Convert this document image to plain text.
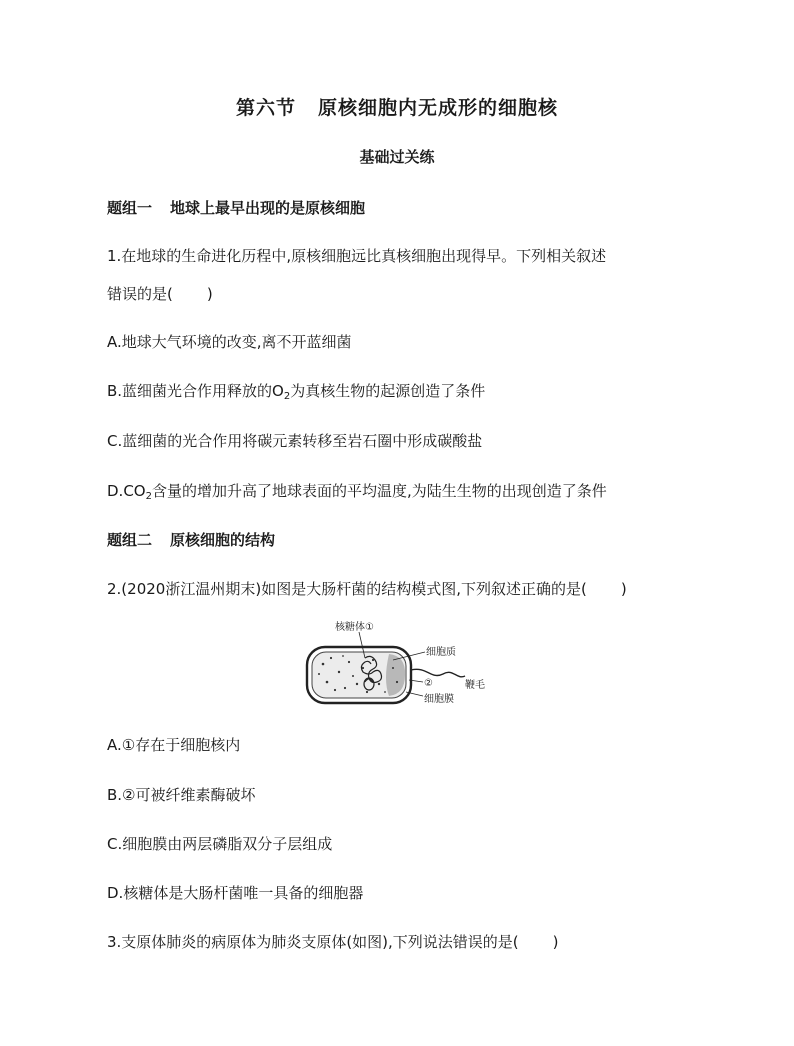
第六节 原核细胞内无成形的细胞核
基础过关练
题组一 地球上最早出现的是原核细胞
1.在地球的生命进化历程中,原核细胞远比真核细胞出现得早。下列相关叙述
错误的是( )
A.地球大气环境的改变,离不开蓝细菌
B.蓝细菌光合作用释放的$O_2$为真核生物的起源创造了条件
C.蓝细菌的光合作用将碳元素转移至岩石圈中形成碳酸盐
$D.CO_2$含量的增加升高了地球表面的平均温度,为陆生生物的出现创造了条件
题组二 原核细胞的结构
2.(2020浙江温州期末)如图是大肠杆菌的结构模式图,下列叙述正确的是( )
核糖体①
细胞质
鞭毛
②
细胞膜
A.①存在于细胞核内
B.②可被纤维素酶破坏
C.细胞膜由两层磷脂双分子层组成
D.核糖体是大肠杆菌唯一具备的细胞器
3.支原体肺炎的病原体为肺炎支原体(如图),下列说法错误的是( )
